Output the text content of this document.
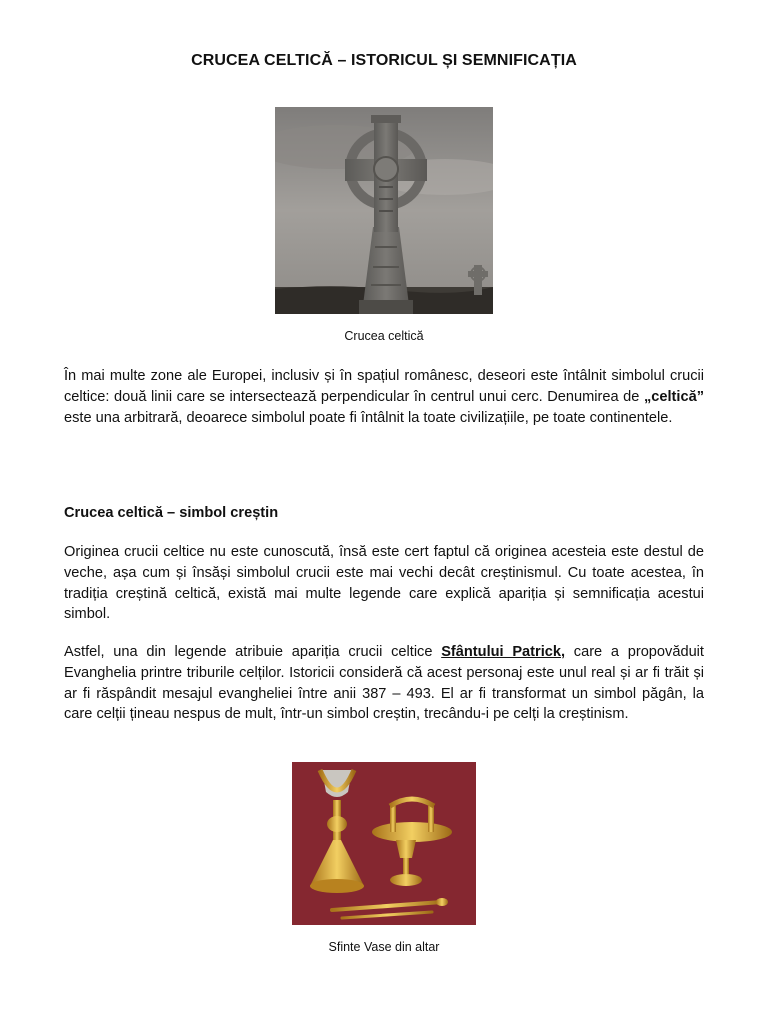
CRUCEA CELTICĂ – ISTORICUL ȘI SEMNIFICAȚIA
Crucea celtică

În mai multe zone ale Europei, inclusiv și în spațiul românesc, deseori este întâlnit simbolul crucii celtice: două linii care se intersectează perpendicular în centrul unui cerc. Denumirea de „celtică” este una arbitrară, deoarece simbolul poate fi întâlnit la toate civilizațiile, pe toate continentele.

Crucea celtică – simbol creștin

Originea crucii celtice nu este cunoscută, însă este cert faptul că originea acesteia este destul de veche, așa cum și însăși simbolul crucii este mai vechi decât creștinismul. Cu toate acestea, în tradiția creștină celtică, există mai multe legende care explică apariția și semnificația acestui simbol.

Astfel, una din legende atribuie apariția crucii celtice Sfântului Patrick, care a propovăduit Evanghelia printre triburile celților. Istoricii consideră că acest personaj este unul real și ar fi trăit și ar fi răspândit mesajul evangheliei între anii 387 – 493. El ar fi transformat un simbol păgân, la care celții țineau nespus de mult, într-un simbol creștin, trecându-i pe celți la creștinism.

Sfinte Vase din altar
